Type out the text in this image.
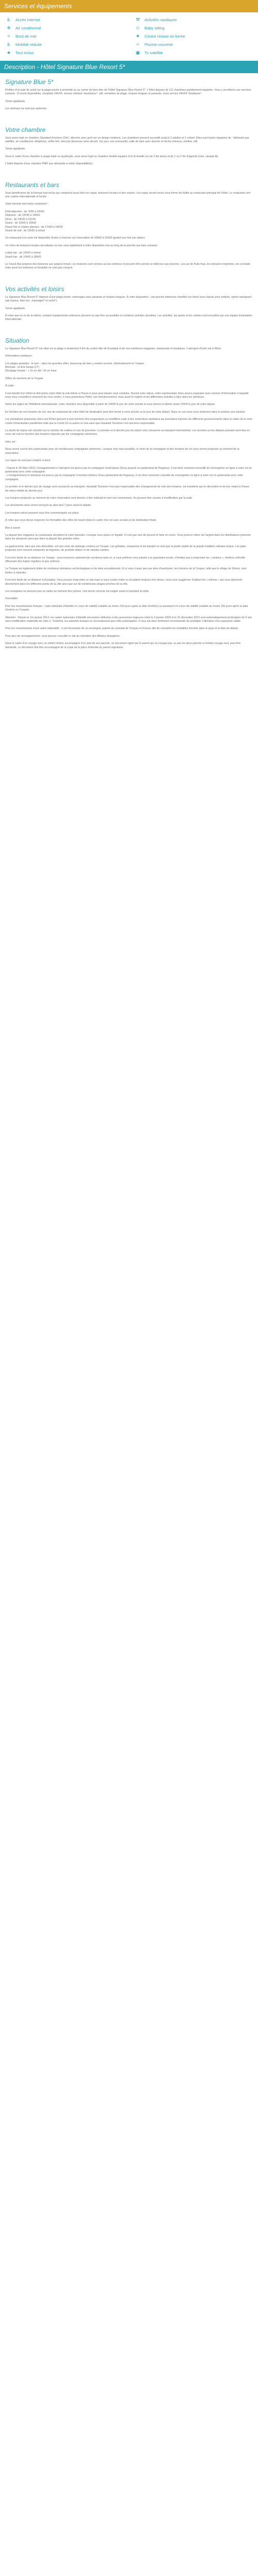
Services et équipements
♿	Accès internet	⚒	Activités nautiques
❄	Air conditionné	☺	Baby sitting
≈	Bord de mer	♥	Centre remise en forme
♿	Mobilité réduite	≈	Piscine couverte
★	Tout inclus	▣	Tv satellite
Description - Hôtel Signature Blue Resort 5*
Signature Blue 5*

Profitez d'un bain de soleil sur la plage privée à proximité ou au centre de bien-être de l'Hôtel Signature Blue Resort 5*. L'hôtel dispose de 111 chambres parfaitement équipées. Vous y accéderez aux services suivants : 8 courts disponibles, réception 24h/24, service médical "assistance", wifi, serviettes de plage, chaises longues et parasols, room service 24h/24 "boutiques".

Tenue appliquée.

Les animaux ne sont pas autorisés.

Votre chambre

Vous serez logé en chambre Standard d'environ 22m², décorée avec goût sur un design moderne. Les chambres peuvent accueillir jusqu'à 2 adultes et 1 enfant. Elles sont toutes équipées de : télévision par satellite, air conditionné, téléphone, coffre-fort, mini-bar (boissons sans alcool). Sur jour, non renouvelé), salle de bain avec douche et sèche-cheveux, minibar, wifi.

Tenue appliquée.

Sous le cadre d'une chambre à usage triple ou quadruple, vous serez logé en chambre double équipée d'un lit double (ou de 2 lits twins) et de 1 ou 2 lits d'appoint (sofa, canapé-lit).

L'hôtel dispose d'une chambre PMR (sur demande et selon disponibilités).

Restaurants et bars

Vous bénéficierez de la formule tout inclus qui comprend aussi bien les repas, boissons locales et des snacks. Les repas seront servis sous forme de buffet au restaurant principal de l'hôtel. Le restaurant sert une cuisine internationale et locale.

Votre formule tout inclus comprend :

Petit-déjeuner : de 7h00 à 10h00
Déjeuner : de 12h30 à 14h00
Dîner : de 19h30 à 21h30
Snack : de 11h00 à 16h00
Pause thé et crêpes glacées : de 17h00 à 18h00
Snack de nuit : de 23h30 à minuit

Un restaurant à la carte est disponible (fruits) à réserver sur réservation de 20h00 à 22h00 (gratuit une fois par séjour).

Un choix de boissons locales alcoolisées ou non vous également à votre disposition tout au long de la journée aux bars suivants :

Lobby bar : de 10h00 à minuit
Snack bar : de 10h00 à 18h00

Le Snack-Bar propose des boissons aux jusqu'à minuit. Les boissons sont servies au bar extérieur et peuvent être servies à midi/ceux aux piscines. Les jus de fruits frais, les boissons importées, les cocktails mais aussi les boissons en bouteille ne sont pas compris.

Vos activités et loisirs

Le Signature Blue Resort 5* dispose d'une plage privée, aménagée avec parasols et chaises longues. À votre disposition : une piscine intérieure chauffée (en hiver) avec bassin pour enfants, sports nautiques*, spa (sauna, bain turc, massages* et soins*).

Tenue appliquée.

À noter que ou ce de la même, certains équipements extérieurs peuvent ne pas être accessibles et certaines activités annulées. Les activités, les sports et les soirées sont encadrés par une équipe d'animation internationale.

Situation

Le Signature Blue Resort 5* est situé sur la plage à seulement 5 km du centre-ville de Kusadasi et de ses nombreux magasins, restaurants et boutiques. L'aéroport d'Izmir est à 65km.

Informations pratiques :

Les plages gratuites : le tout – dans les grandes villes, beaucoup de bars y restent ouverts. Généralement en Turquie :
Monnaie : la livre turque (LT)
Décalage horaire : + 1h en été / 2h en hiver

Office du tourisme de la Turquie

À noter :

Il est interdit d'un hôtel ne doit prévu notre hôtel la nuit-même à l'heure à nous pour laisser vous conduire. Durant votre séjour, votre représentant Jetou pourra organiser avec réunion d'information à laquelle nous vous conseillons vivement de vous rendre. Il vous présentera l'hôtel, son fonctionnement, mais aussi le régime et les différentes activités à faire dans les alentours.

Selon les règles de l'hôtellerie internationale, votre chambre sera disponible à partir de 14h00 le jour de votre arrivée et vous devrez la libérer avant 12h00 le jour de votre départ.

En fonction de vos horaires de vol, une de restaurant de votre hôtel de destination peut être fermé à votre arrivée ou le jour de votre départ. Dans ce cas nous vous inviterons dans le préavis une solution.

Les prestations proposées dans nos fiches peuvent à tout moment être suspendues ou modifiées suite à des restrictions sanitaires qui pourraient imposer les différents gouvernements dans le cadre de la crise contre d'éventuelles pandémies telle que la Covid-19 ou autres et cela sans que Havaiiati Tourisme n'en soit tenu responsable.

La durée du séjour est calculée sur le nombre de nuitées et non de journées. Le premier et le dernier jour du séjour sont consacrés au transport international. Les arrivées ou les départs pouvant avoir lieu en cours de nuit en fonction des horaires imposés par les compagnies aériennes.

Infos vol :

Nous avons conclu des partenariats avec de nombreuses compagnies aériennes. Lorsque cela nous possible, le choix de la compagnie et des horaires de vol vous seront proposés au moment de la réservation.

Les repas ne sont pas compris à bord.

- Depuis le 26 Mars 2023, l'enregistrement à l'aéroport est pourvu par la compagnie SunExpress (Sous pouvoir en partenariat de Pegasus). Il est donc vivement conseillé de s'enregistrer en ligne à votre vol en partenariat avec cette compagnie.
- L'enregistrement à l'aéroport est pourvu par la compagnie Corendon Airlines (Sous partenariat de Pegasus). Il est donc vivement conseillé de s'enregistrer en ligne à votre vol en partenariat avec cette compagnie.

Le premier et le dernier jour de voyage sont consacrés au transport. Havaiiati Tourisme n'est pas responsable des changements de vols des horaires, les transferts qui en découlent et de leur retard à l'heure de retour initiale du dernier jour.

Les horaires proposés au moment de votre réservation sont donnés à titre indicatif et sont non contractuels. Ils peuvent être soumis à modification par la suite.

Les documents vous seront envoyés au plus tard 7 jours avant le départ.

Les horaires retour peuvent vous être communiqués sur place.

À noter que vous devez respecter les formalités des villes de transit (dans le cadre d'un vol avec escale) et de destination finale.

Bon à savoir

La plupart des magasins ou restaurants acceptent la carte bancaire. Lorsque vous payez en liquide, il n'est pas rare de pouvoir le faire en euros. Vous pourrez retirer de l'argent dans les distributeurs présents dans les aéroports ainsi que dans la plupart des grandes villes.

La gastronomie, bien que très diversifiée, est une sorte de mélange contenu en Turquie. Les grillades, chawarma et les kebabs ne sont que la partie visible de la grande tradition culinaire turque. Les plats proposés sont souvent composés de légumes, de produits laitiers et de viandes variées.

Il est très facile de se déplacer en Turquie : vous trouverez aisément de nombreux taxis et, si vous préférez vous joindre à la population locale, n'hésitez pas à emprunter les « dolmus », minibus collectifs effectuant des trajets réguliers et peu onéreux.

La Turquie est également dotée de nombreux domaines archéologiques et de sites exceptionnels. Et si vous n'avez pas une âme d'aventurier, les chemins de la Turquie, telle que le village de Sirince, sont faciles à rejoindre.

Il est très facile de se déplacer à Kusadasi. Vous pouvez emprunter un taxi mais si vous voulez éviter la circulation toujours très dense, nous vous suggérons d'utiliser les « dolmus » qui vous déposent directement dans les différents points de la ville ainsi que sur de nombreuses plages proches de la ville.

Les mosquées ne peuvent pas se visiter au moment des prières. Une tenue correcte est exigée avant et pendant la visite.

Formalités

Pour les ressortissants français : carte nationale d'identité en cours de validité (valable au moins 150 jours après la date d'entrée) ou passeport en cours de validité (valable au moins 150 jours après la date d'entrée en Turquie).

Attention : Depuis le 1er janvier 2014, les cartes nationales d'identité sécurisées délivrées à des personnes majeures entre le 2 janvier 2004 et le 31 décembre 2013 sont automatiquement prolongées de 5 ans sans modification matérielle de celle-ci. Toutefois, les autorités turques ne reconnaissent pas cette prolongation. Il vous est donc fortement recommandé de privilégier l'utilisation d'un passeport valide.

Pour les ressortissants d'une autre nationalité : il est nécessaire de se renseigner auprès du consulat de Turquie en France afin de connaître les modalités d'entrée dans le pays et la date du départ.

Pour plus de renseignements, vous pouvez consulter le site du ministère des Affaires étrangères.

Dans le cadre d'un voyage avec un enfant mineur accompagné d'un seul de ses parents, un document signé par le parent qui ne voyage pas, ou par les deux parents si l'enfant voyage seul, peut être demandé. Le document doit être accompagné de la copie de la pièce d'identité du parent signataire.
